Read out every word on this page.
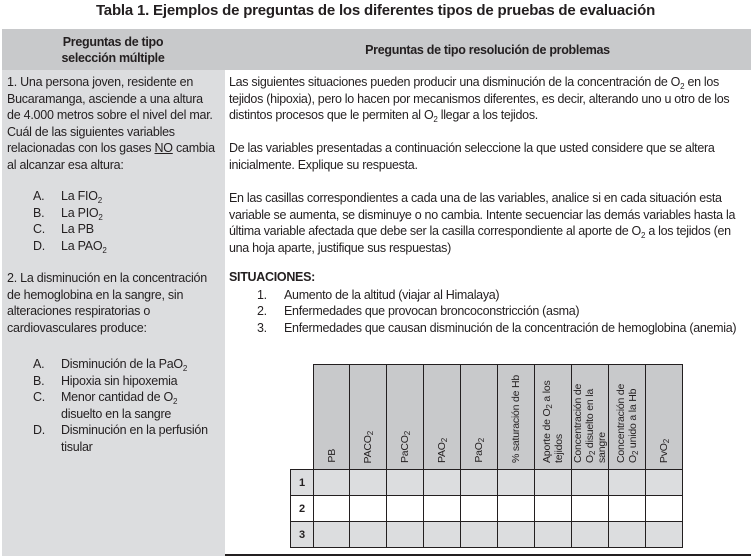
Tabla 1. Ejemplos de preguntas de los diferentes tipos de pruebas de evaluación
Preguntas de tipo
selección múltiple
Preguntas de tipo resolución de problemas
1. Una persona joven, residente en Bucaramanga, asciende a una altura de 4.000 metros sobre el nivel del mar. Cuál de las siguientes variables relacionadas con los gases NO cambia al alcanzar esa altura:
A.	La $FIO_2$
B.	La $PIO_2$
C.	La PB
D.	La $PAO_2$
2. La disminución en la concentración de hemoglobina en la sangre, sin alteraciones respiratorias o cardiovasculares produce:
A.	Disminución de la PaO$_2$
B.	Hipoxia sin hipoxemia
C.	Menor cantidad de $O_2$ disuelto en la sangre
D.	Disminución en la perfusión tisular
Las siguientes situaciones pueden producir una disminución de la concentración de $O_2$ en los tejidos (hipoxia), pero lo hacen por mecanismos diferentes, es decir, alterando uno u otro de los distintos procesos que le permiten al $O_2$ llegar a los tejidos.
De las variables presentadas a continuación seleccione la que usted considere que se altera inicialmente. Explique su respuesta.
En las casillas correspondientes a cada una de las variables, analice si en cada situación esta variable se aumenta, se disminuye o no cambia. Intente secuenciar las demás variables hasta la última variable afectada que debe ser la casilla correspondiente al aporte de $O_2$ a los tejidos (en una hoja aparte, justifique sus respuestas)
SITUACIONES:
1.	Aumento de la altitud (viajar al Himalaya)
2.	Enfermedades que provocan broncoconstricción (asma)
3.	Enfermedades que causan disminución de la concentración de hemoglobina (anemia)

	PB	$PACO_2$	PaCO$_2$	$PAO_2$	PaO$_2$	% saturación de Hb	Aporte de $O_2$ a los tejidos	Concentración de $O_2$ disuelto en la sangre	Concentración de $O_2$ unido a la Hb	PvO$_2$

1										
2										
3										
